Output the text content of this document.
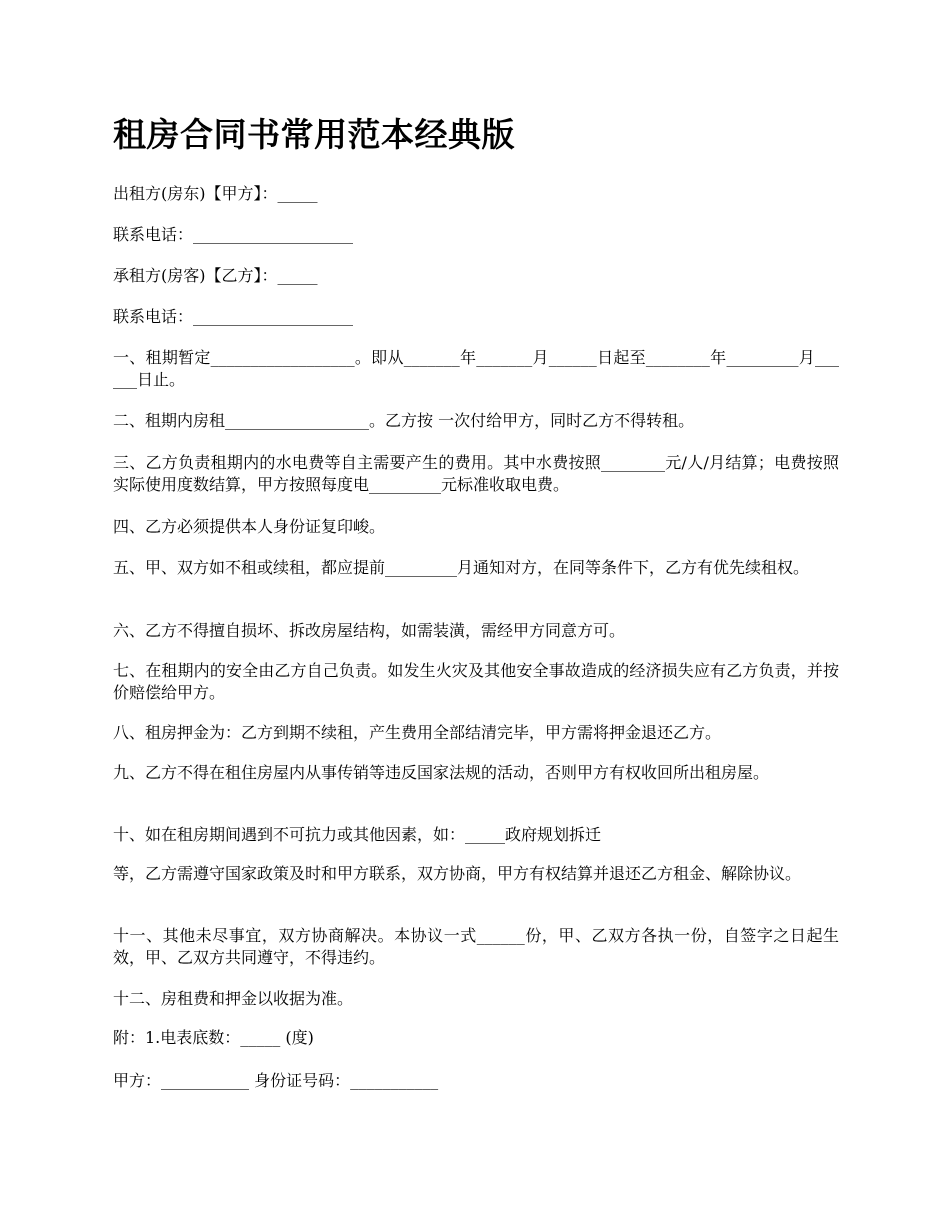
租房合同书常用范本经典版

出租方(房东)【甲方】：_____

联系电话：____________________

承租方(房客)【乙方】：_____

联系电话：____________________

一、租期暂定__________________。即从_______年_______月______日起至________年_________月______日止。

二、租期内房租__________________。乙方按 一次付给甲方，同时乙方不得转租。

三、乙方负责租期内的水电费等自主需要产生的费用。其中水费按照________元/人/月结算；电费按照实际使用度数结算，甲方按照每度电_________元标准收取电费。

四、乙方必须提供本人身份证复印峻。

五、甲、双方如不租或续租，都应提前_________月通知对方，在同等条件下，乙方有优先续租权。

六、乙方不得擅自损坏、拆改房屋结构，如需装潢，需经甲方同意方可。

七、在租期内的安全由乙方自己负责。如发生火灾及其他安全事故造成的经济损失应有乙方负责，并按价赔偿给甲方。

八、租房押金为：乙方到期不续租，产生费用全部结清完毕，甲方需将押金退还乙方。

九、乙方不得在租住房屋内从事传销等违反国家法规的活动，否则甲方有权收回所出租房屋。

十、如在租房期间遇到不可抗力或其他因素，如：_____政府规划拆迁

等，乙方需遵守国家政策及时和甲方联系，双方协商，甲方有权结算并退还乙方租金、解除协议。

十一、其他未尽事宜，双方协商解决。本协议一式______份，甲、乙双方各执一份，自签字之日起生效，甲、乙双方共同遵守，不得违约。

十二、房租费和押金以收据为准。

附：1.电表底数：_____ (度)

甲方：___________ 身份证号码：___________
